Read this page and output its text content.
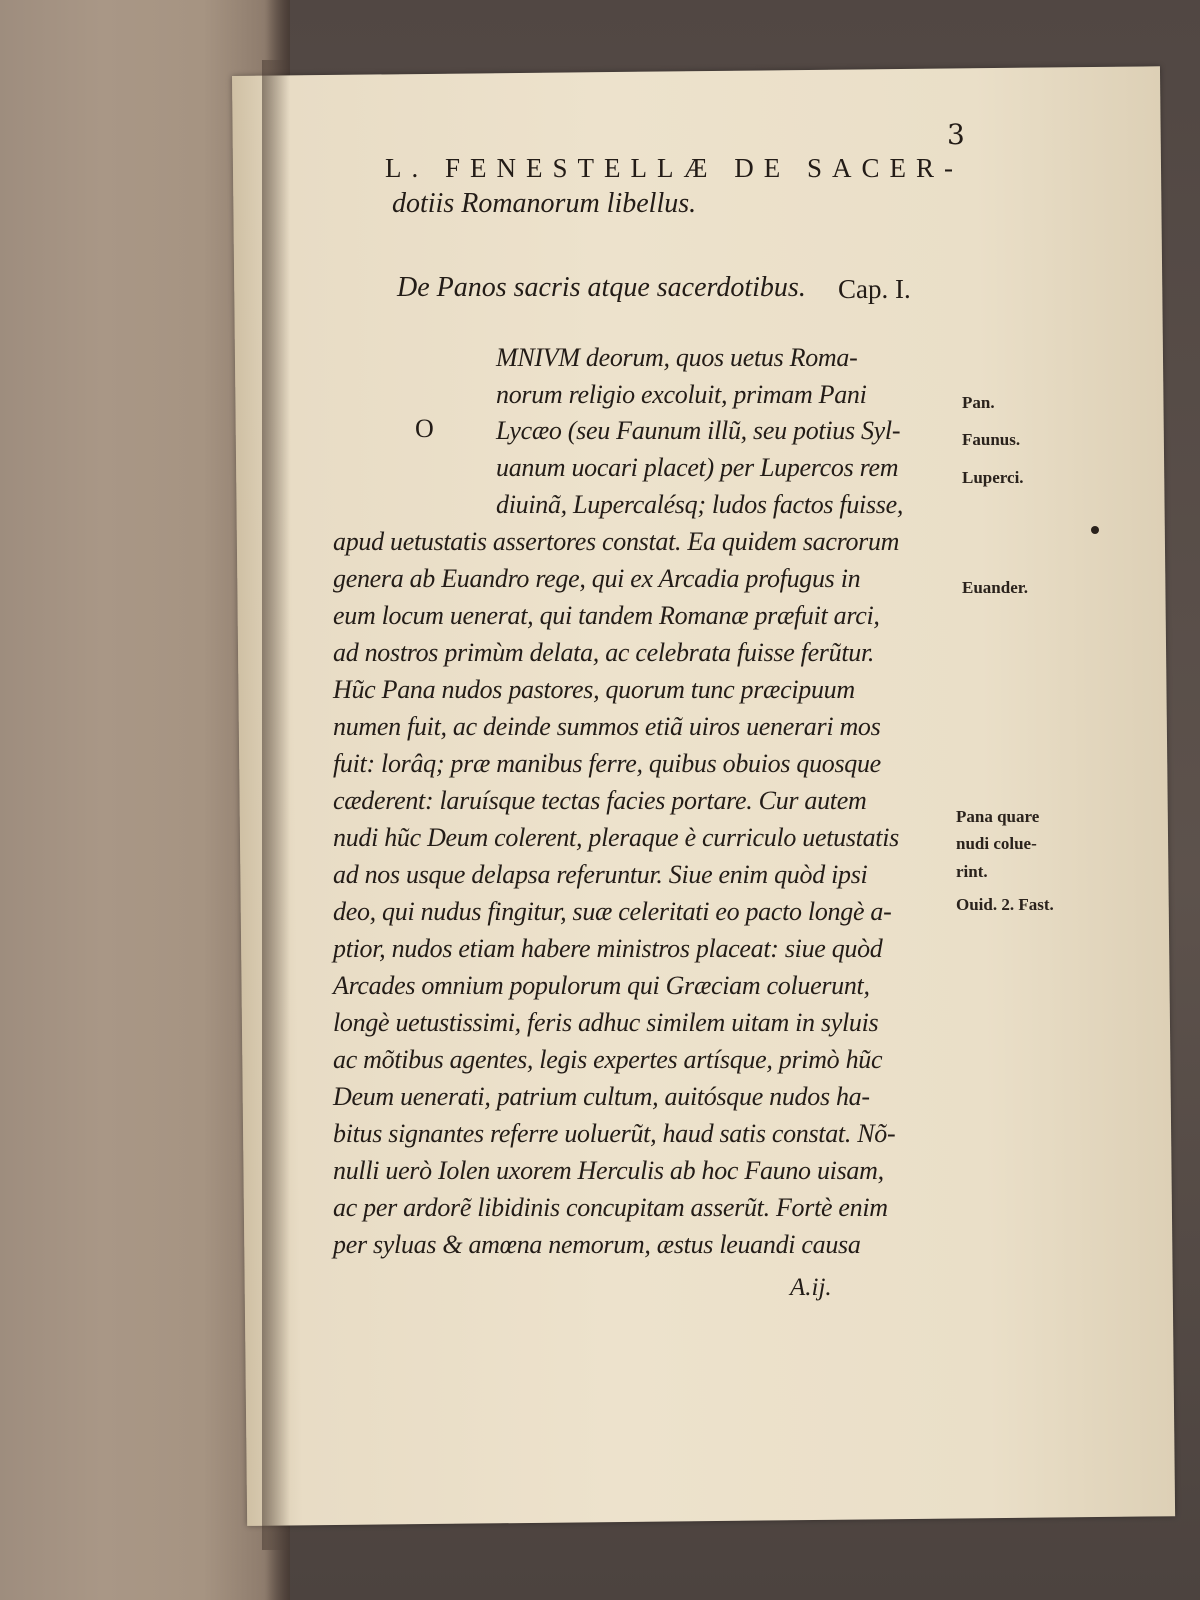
3
L. FENESTELLÆ DE SACER-
dotiis Romanorum libellus.
De Panos sacris atque sacerdotibus. Cap. I.
O
MNIVM deorum, quos uetus Roma-
norum religio excoluit, primam Pani
Lycæo (seu Faunum illũ, seu potius Syl-
uanum uocari placet) per Lupercos rem
diuinã, Lupercalésq; ludos factos fuisse,
apud uetustatis assertores constat. Ea quidem sacrorum
genera ab Euandro rege, qui ex Arcadia profugus in
eum locum uenerat, qui tandem Romanæ præfuit arci,
ad nostros primùm delata, ac celebrata fuisse ferũtur.
Hũc Pana nudos pastores, quorum tunc præcipuum
numen fuit, ac deinde summos etiã uiros uenerari mos
fuit: lorâq; præ manibus ferre, quibus obuios quosque
cæderent: laruísque tectas facies portare. Cur autem
nudi hũc Deum colerent, pleraque è curriculo uetustatis
ad nos usque delapsa referuntur. Siue enim quòd ipsi
deo, qui nudus fingitur, suæ celeritati eo pacto longè a-
ptior, nudos etiam habere ministros placeat: siue quòd
Arcades omnium populorum qui Græciam coluerunt,
longè uetustissimi, feris adhuc similem uitam in syluis
ac mõtibus agentes, legis expertes artísque, primò hũc
Deum uenerati, patrium cultum, auitósque nudos ha-
bitus signantes referre uoluerũt, haud satis constat. Nõ-
nulli uerò Iolen uxorem Herculis ab hoc Fauno uisam,
ac per ardorẽ libidinis concupitam asserũt. Fortè enim
per syluas & amœna nemorum, æstus leuandi causa
Pan.
Faunus.
Luperci.
Euander.
Pana quare
nudi colue-
rint.
Ouid. 2. Fast.
A.ij.
